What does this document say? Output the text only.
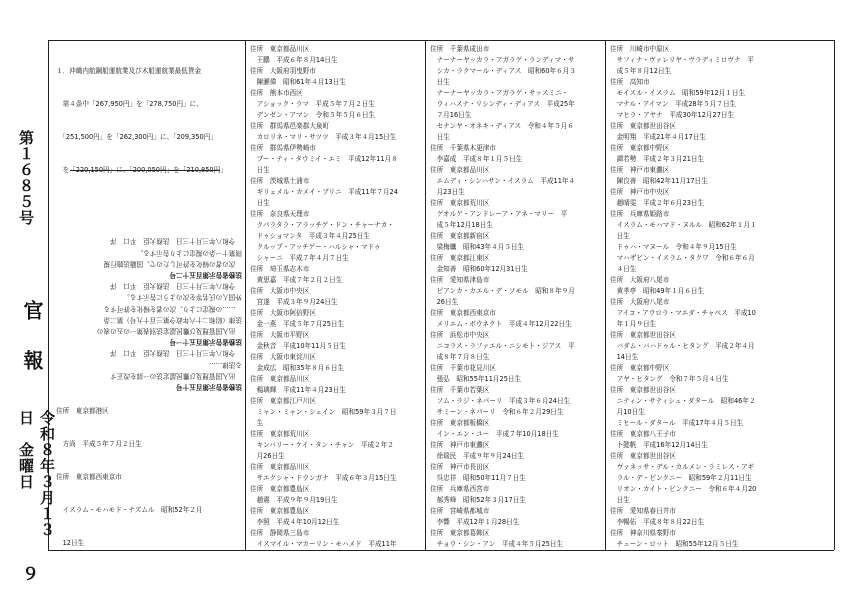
第１６８５号
官報
令和８年３月１３日　金曜日
９

１．沖縄内航鋼船運航業及び木船運航業最低賃金

　第４条中「267,950円」を「278,750円」に、

　「251,500円」を「262,300円」に、「209,350円」

　を「220,150円」に、「200,050円」を「210,850円」

法務省告示第百五十号
　出入国管理及び難民認定法の一部を改正す
る法律……
　令和八年三月十三日　法務大臣　平口　洋
法務省告示第百五十一号
　出入国管理及び難民認定法別表第一の五の表の
法律（昭和二十六年政令第三百十九号）第二条
　……の規定により、次の者を帰化を許可する
外国人の氏名等を次のように告示する。
　令和八年三月十三日　法務大臣　平口　洋
法務省告示第百五十二号
　次の者の帰化を許可したので、国籍法施行規
則第十一条の規定により告示する。
　令和八年三月十三日　法務大臣　平口　洋

住所　東京都港区

　方尚　平成５年７月２日生

住所　東京都西東京市

　イスラム・モハモド・ナズムル　昭和52年２月

　12日生

住所　東京都品川区
　王鵬　平成６年８月14日生
住所　大阪府羽曳野市
　陳瀬偉　昭和61年４月13日生
住所　熊本市西区
　アショック・ラマ　平成５年７月２日生
　デンゼン・アマン　令和５年５月６日生
住所　群馬県邑楽郡大泉町
　カロリネ・マリ・サツツ　平成３年４月15日生
住所　群馬県伊勢崎市
　ブー・ティ・タウミイ・エミ　平成12年11月８
　日生
住所　茨城県土浦市
　ギリェメル・カメイ・ブリニ　平成11年７月24
　日生
住所　奈良県天理市
　クパラタラ・アラッチゲ・ドン・チャーナカ・
　ドゥショマンタ　平成３年４月25日生
　クルップ・アッチゲー・ハルシャ・マドゥ
　シャーニ　平成７年４月７日生
住所　埼玉県志木市
　黄思嘉　平成７年２月２日生
住所　大阪市中央区
　宮遂　平成３年９月24日生
住所　大阪市阿倍野区
　金一燕　平成５年７月25日生
住所　大阪市平野区
　金秋音　平成10年11月５日生
住所　大阪市東淀川区
　金成広　昭和35年８月６日生
住所　東京都品川区
　楊璃輝　平成11年４月23日生
住所　東京都江戸川区
　ミャン・ミャン・シェイン　昭和59年３月７日
　生
住所　東京都荒川区
　キンバリー・ケイ・タン・チャン　平成２年２
　月26日生
住所　東京都品川区
　サエクシャ・ドウンガナ　平成６年３月15日生
住所　東京都豊島区
　趙震　平成９年９月19日生
住所　東京都豊島区
　李照　平成４年10月12日生
住所　静岡県三島市
　イスマイル・マカーリン・モハメド　平成11年
住所　千葉県成田市
　ナーナーヤッカラ・アガラゲ・ランディマ・サ
　シカ・ラクマール・ディアス　昭和60年６月３
　日生
　ナーナーヤッカラ・アガラゲ・サッスミニ・
　ウィハスナ・リシンディ・ディアス　平成25年
　７月16日生
　セナンヤ・オネキ・ディアス　令和４年５月６
　日生
住所　千葉県木更津市
　李嘉成　平成８年１月５日生
住所　東京都品川区
　エムディ・シンハサン・イスラム　平成11年４
　月23日生
住所　東京都荒川区
　ゲオルゲ・アンドレーア・アネ・マリー　平
　成５年12月18日生
住所　東京都新宿区
　梁梅鷹　昭和43年４月５日生
住所　東京都江東区
　金知善　昭和60年12月31日生
住所　愛知県津島市
　ピアンカ・カエル・デ・ソモル　昭和８年９月
　26日生
住所　東京都西東京市
　メリエム・ボウネクト　平成４年12月22日生
住所　浜松市中央区
　ニコラス・ラファエル・ニシモト・ジアス　平
　成８年７月８日生
住所　千葉市花見川区
　張弘　昭和55年11月25日生
住所　千葉市若葉区
　ソム・ラジ・ネパーリ　平成３年６月24日生
　サミーン・ネパーリ　令和６年２月29日生
住所　東京都板橋区
　イン・エン・ユー　平成７年10月18日生
住所　神戸市東灘区
　徐瑞民　平成９年９月24日生
住所　神戸市長田区
　呉忠祥　昭和50年11月７日生
住所　兵庫県西宮市
　郝秀峰　昭和52年３月17日生
住所　宮崎県都城市
　李響　平成12年１月28日生
住所　東京都葛飾区
　チョウ・シン・アン　平成４年５月25日生
住所　川崎市中原区
　サフィナ・ヴァレリヤ・ヴラディミロヴナ　平
　成５年８月12日生
住所　高知市
　モイスル・イスラム　昭和59年12月１日生
　マナル・アイマン　平成28年５月７日生
　マヒラ・アヤナ　平成30年12月27日生
住所　東京都世田谷区
　金明翔　平成21年４月17日生
住所　東京都中野区
　譚若勢　平成２年３月21日生
住所　神戸市東灘区
　陳良善　昭和42年11月17日生
住所　神戸市中央区
　趙晴雯　平成２年６月23日生
住所　兵庫県姫路市
　イスラム・モハマド・ヌルル　昭和62年１月１
　日生
　ドゥハ・マヌール　令和４年９月15日生
　マハザビン・イスラム・タクワ　令和６年６月
　４日生
住所　大阪府八尾市
　黄孝亭　昭和49年１月６日生
住所　大阪府八尾市
　アイコ・アウロラ・マエダ・チャベス　平成10
　年１月９日生
住所　東京都世田谷区
　バダム・バハドゥル・ヒタング　平成２年４月
　14日生
住所　東京都中野区
　アヤ・ヒタング　令和７年５月４日生
住所　東京都世田谷区
　ニティン・サティシュ・ダタール　昭和46年２
　月10日生
　ミヒール・ダタール　平成17年４月５日生
住所　東京都八王子市
　卜懿帆　平成16年12月14日生
住所　東京都世田谷区
　ヴァネッサ・デル・カルメン・ラミレス・アギ
　ラル・デ・ピンクニー　昭和59年２月11日生
　リオン・カイト・ピンクニー　令和６年４月20
　日生
住所　愛知県春日井市
　李暢佑　平成８年８月22日生
住所　神奈川県秦野市
　チューン・ロット　昭和55年12月５日生
